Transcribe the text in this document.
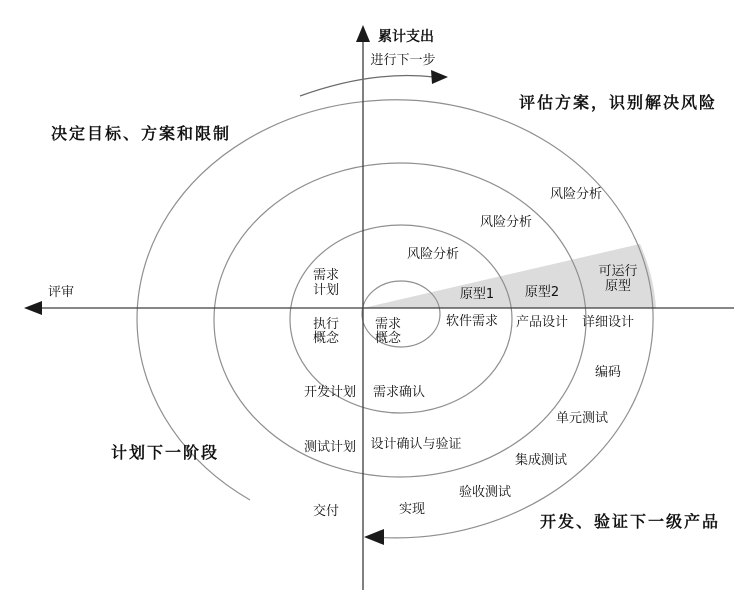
累计支出
进行下一步
评审
决定目标、方案和限制
评估方案，识别解决风险
计划下一阶段
开发、验证下一级产品
风险分析
风险分析
风险分析
需求
计划
执行
概念
需求
概念
原型1 原型2
可运行
原型
软件需求 产品设计 详细设计
编码
单元测试
集成测试
验收测试
实现
交付
开发计划 需求确认
测试计划 设计确认与验证
